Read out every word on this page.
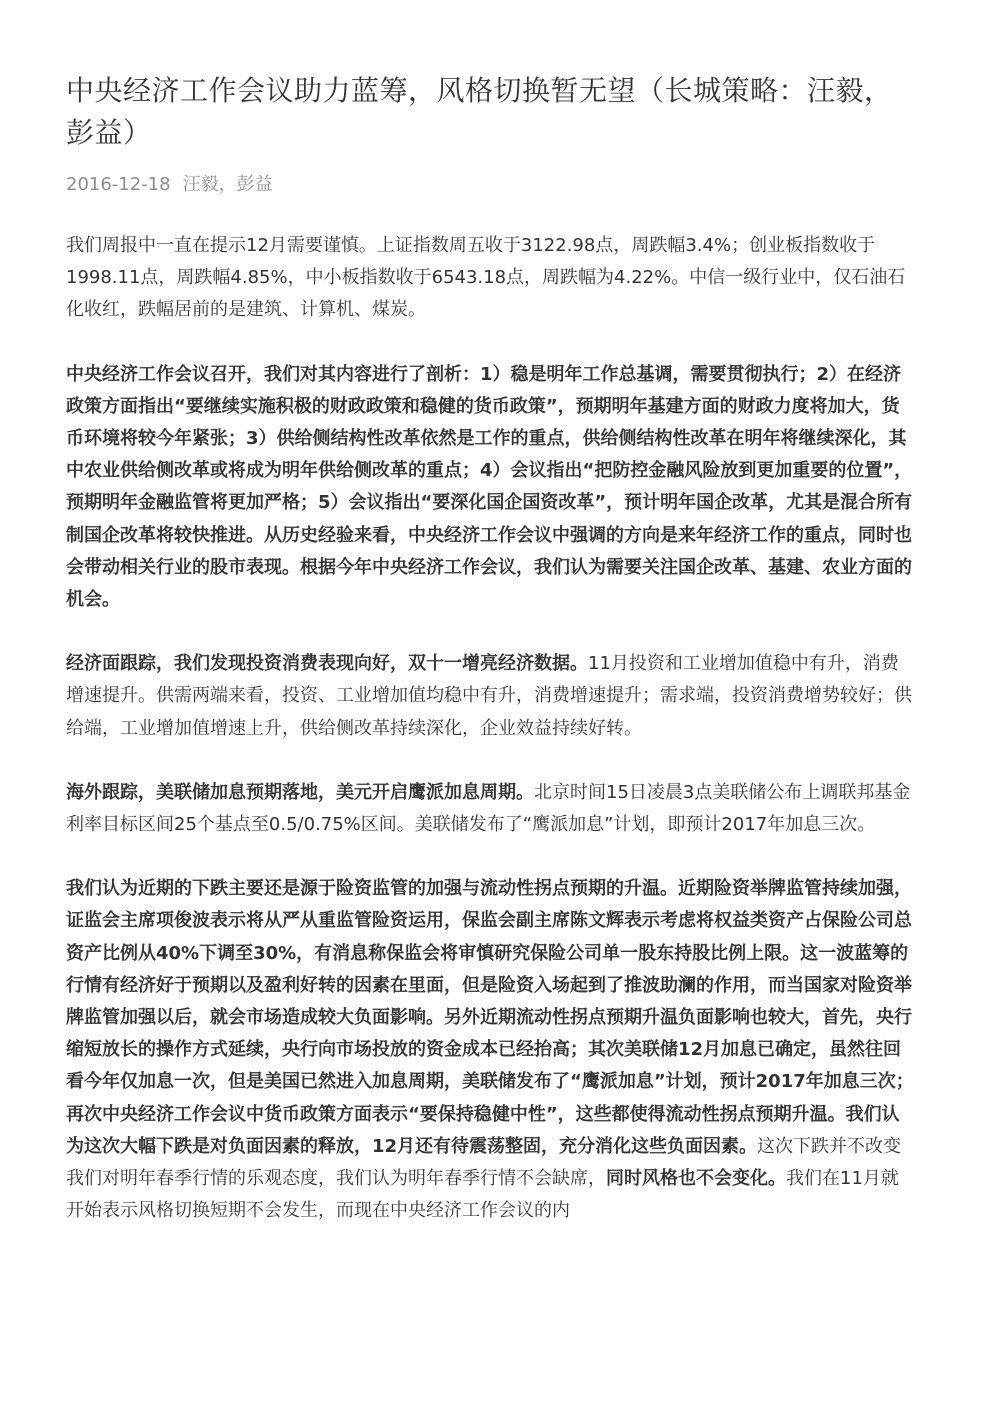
中央经济工作会议助力蓝筹，风格切换暂无望（长城策略：汪毅，彭益）
2016-12-18 汪毅，彭益

我们周报中一直在提示12月需要谨慎。上证指数周五收于3122.98点，周跌幅3.4%；创业板指数收于1998.11点，周跌幅4.85%，中小板指数收于6543.18点，周跌幅为4.22%。中信一级行业中，仅石油石化收红，跌幅居前的是建筑、计算机、煤炭。

中央经济工作会议召开，我们对其内容进行了剖析：1）稳是明年工作总基调，需要贯彻执行；2）在经济政策方面指出“要继续实施积极的财政政策和稳健的货币政策”，预期明年基建方面的财政力度将加大，货币环境将较今年紧张；3）供给侧结构性改革依然是工作的重点，供给侧结构性改革在明年将继续深化，其中农业供给侧改革或将成为明年供给侧改革的重点；4）会议指出“把防控金融风险放到更加重要的位置”，预期明年金融监管将更加严格；5）会议指出“要深化国企国资改革”，预计明年国企改革，尤其是混合所有制国企改革将较快推进。从历史经验来看，中央经济工作会议中强调的方向是来年经济工作的重点，同时也会带动相关行业的股市表现。根据今年中央经济工作会议，我们认为需要关注国企改革、基建、农业方面的机会。

经济面跟踪，我们发现投资消费表现向好，双十一增亮经济数据。11月投资和工业增加值稳中有升，消费增速提升。供需两端来看，投资、工业增加值均稳中有升，消费增速提升；需求端，投资消费增势较好；供给端，工业增加值增速上升，供给侧改革持续深化，企业效益持续好转。

海外跟踪，美联储加息预期落地，美元开启鹰派加息周期。北京时间15日凌晨3点美联储公布上调联邦基金利率目标区间25个基点至0.5/0.75%区间。美联储发布了“鹰派加息”计划，即预计2017年加息三次。

我们认为近期的下跌主要还是源于险资监管的加强与流动性拐点预期的升温。近期险资举牌监管持续加强，证监会主席项俊波表示将从严从重监管险资运用，保监会副主席陈文辉表示考虑将权益类资产占保险公司总资产比例从40%下调至30%，有消息称保监会将审慎研究保险公司单一股东持股比例上限。这一波蓝筹的行情有经济好于预期以及盈利好转的因素在里面，但是险资入场起到了推波助澜的作用，而当国家对险资举牌监管加强以后，就会市场造成较大负面影响。另外近期流动性拐点预期升温负面影响也较大，首先，央行缩短放长的操作方式延续，央行向市场投放的资金成本已经抬高；其次美联储12月加息已确定，虽然往回看今年仅加息一次，但是美国已然进入加息周期，美联储发布了“鹰派加息”计划，预计2017年加息三次；再次中央经济工作会议中货币政策方面表示“要保持稳健中性”，这些都使得流动性拐点预期升温。我们认为这次大幅下跌是对负面因素的释放，12月还有待震荡整固，充分消化这些负面因素。这次下跌并不改变我们对明年春季行情的乐观态度，我们认为明年春季行情不会缺席，同时风格也不会变化。我们在11月就开始表示风格切换短期不会发生，而现在中央经济工作会议的内
